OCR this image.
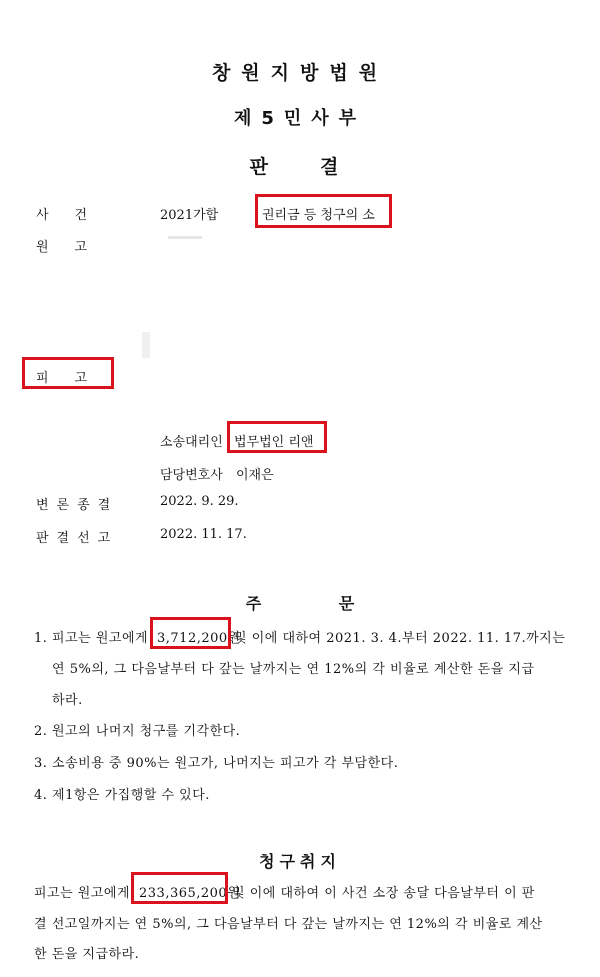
창원지방법원
제5민사부
판결
사건	2021가합	권리금 등 청구의 소
원고
피고
소송대리인 법무법인 리앤
담당변호사 이재은
변론종결	2022. 9. 29.
판결선고	2022. 11. 17.
주 문
1. 피고는 원고에게 3,712,200원
및 이에 대하여 2021. 3. 4.부터 2022. 11. 17.까지는
연 5%의, 그 다음날부터 다 갚는 날까지는 연 12%의 각 비율로 계산한 돈을 지급
하라.
2. 원고의 나머지 청구를 기각한다.
3. 소송비용 중 90%는 원고가, 나머지는 피고가 각 부담한다.
4. 제1항은 가집행할 수 있다.
청구취지
피고는 원고에게 233,365,200원
및 이에 대하여 이 사건 소장 송달 다음날부터 이 판
결 선고일까지는 연 5%의, 그 다음날부터 다 갚는 날까지는 연 12%의 각 비율로 계산
한 돈을 지급하라.
